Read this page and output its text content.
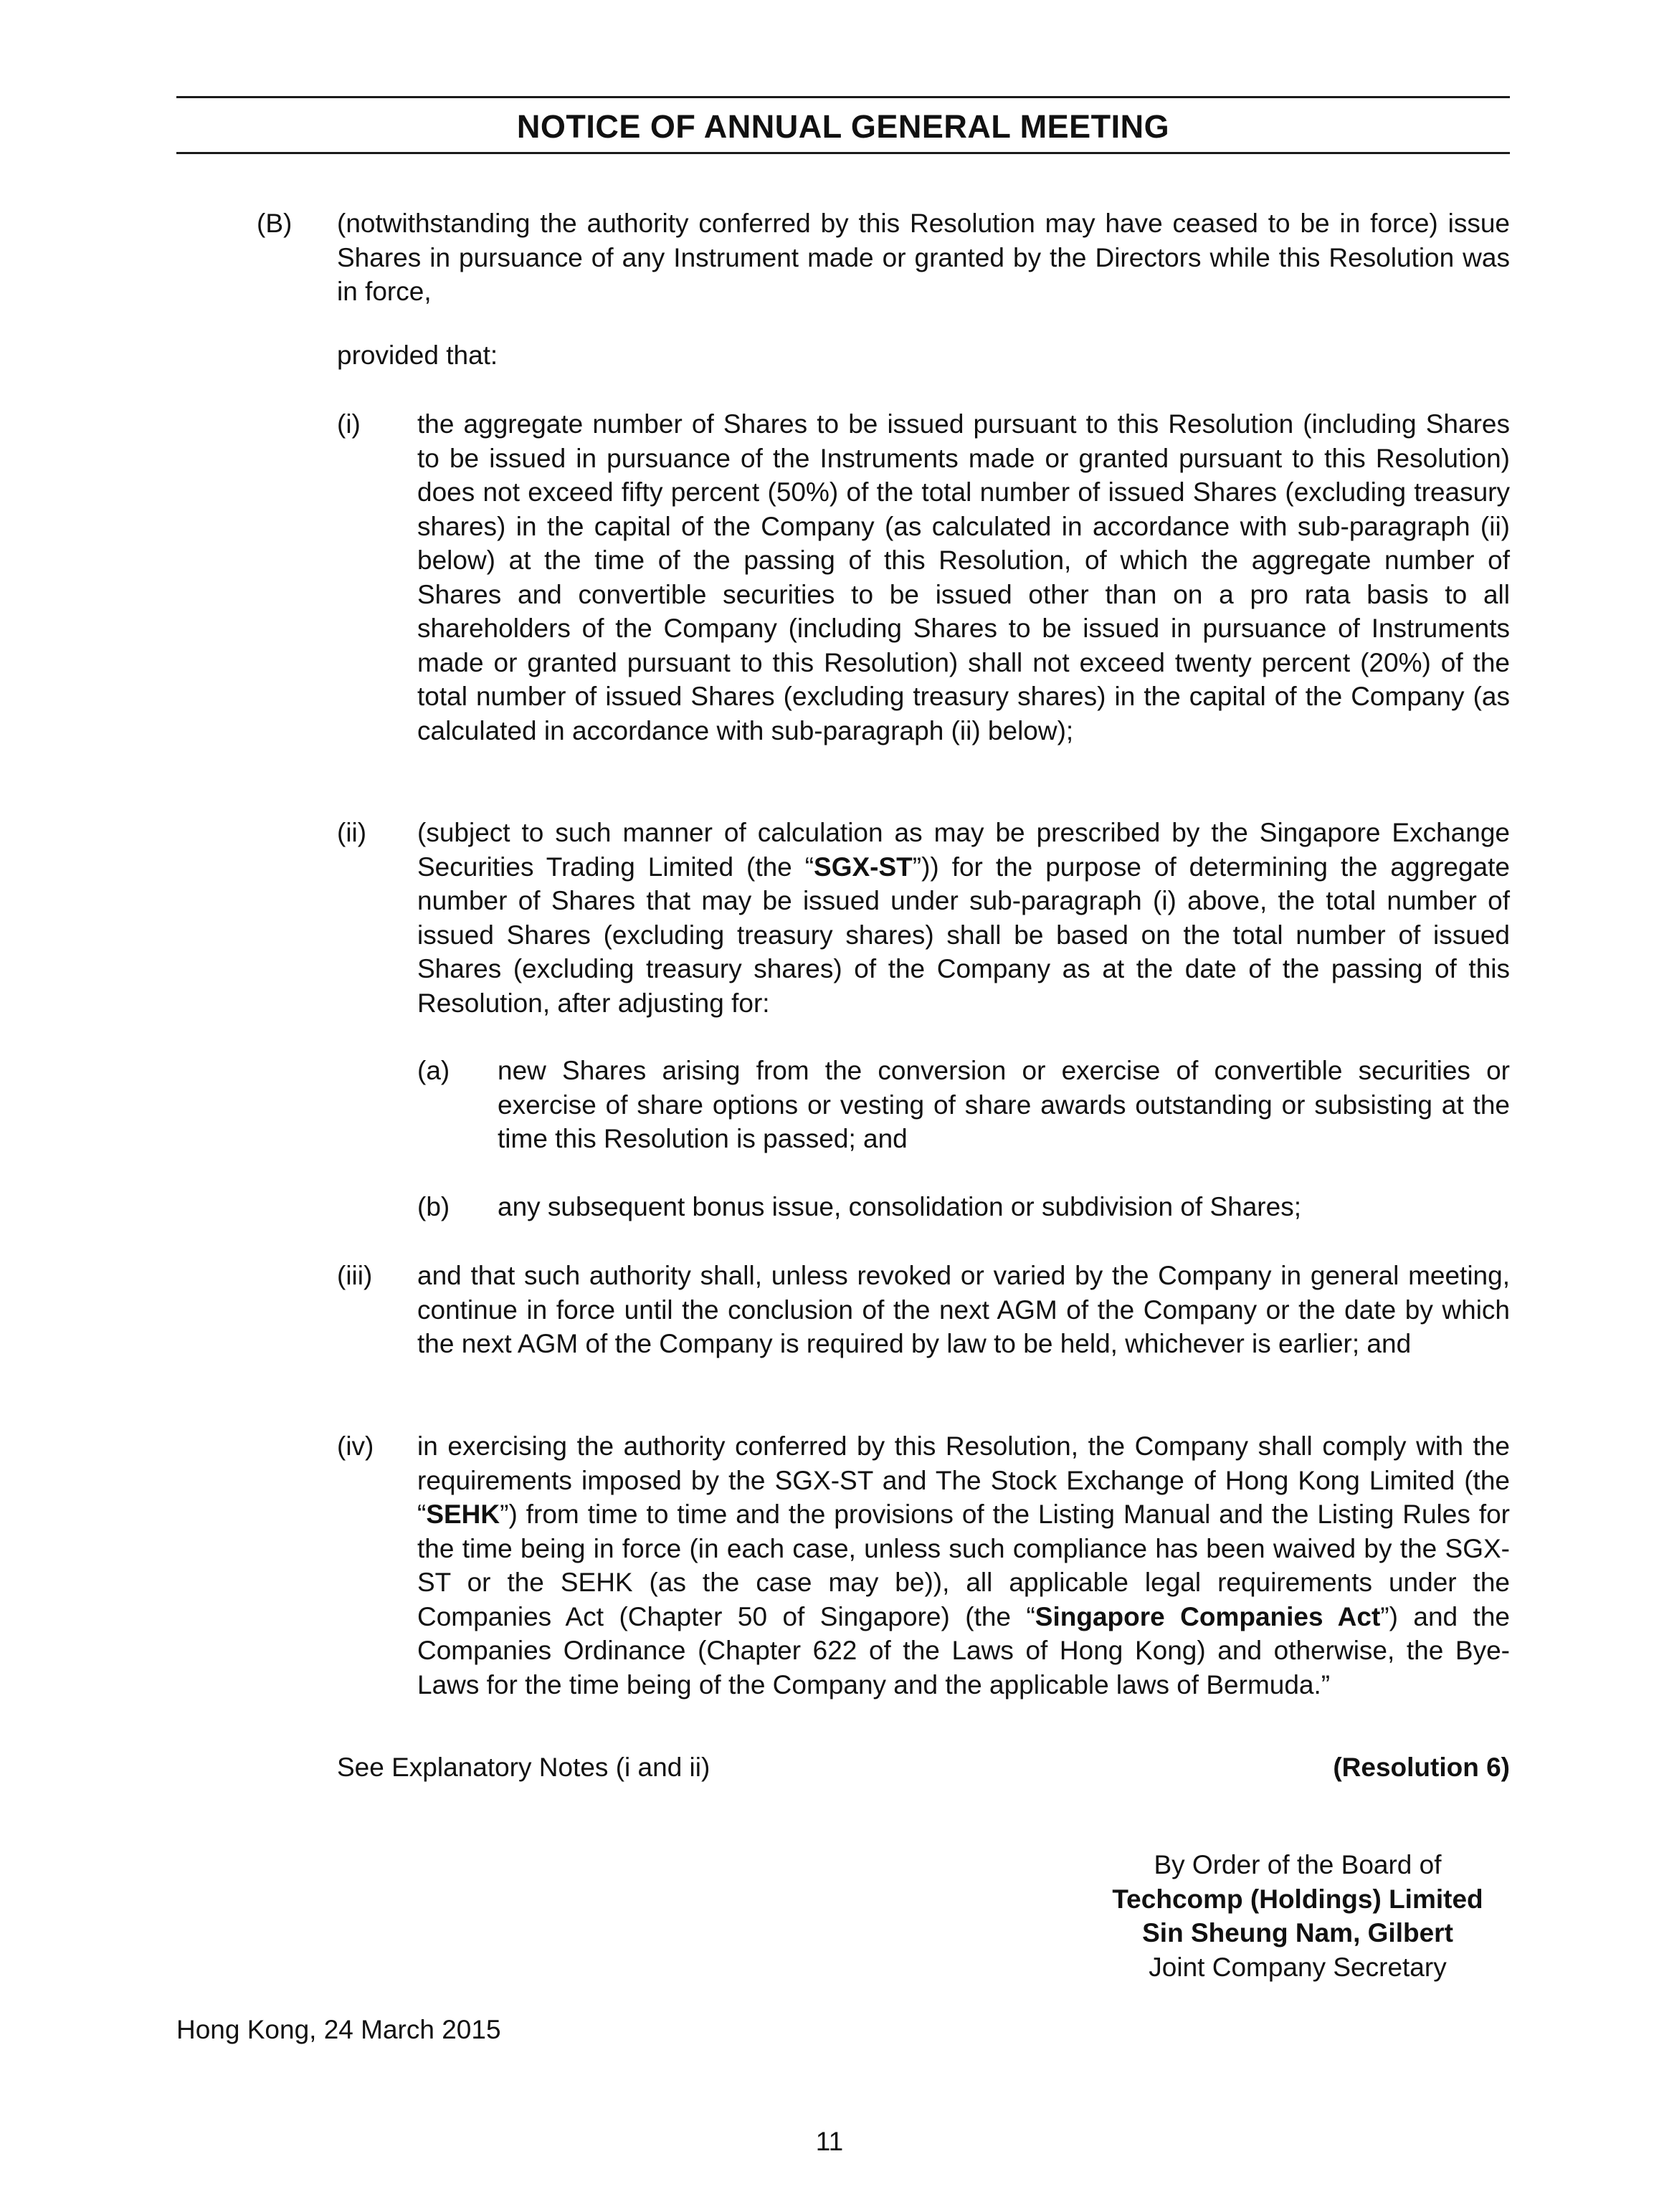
NOTICE OF ANNUAL GENERAL MEETING
(B) (notwithstanding the authority conferred by this Resolution may have ceased to be in force) issue Shares in pursuance of any Instrument made or granted by the Directors while this Resolution was in force,
provided that:
(i) the aggregate number of Shares to be issued pursuant to this Resolution (including Shares to be issued in pursuance of the Instruments made or granted pursuant to this Resolution) does not exceed fifty percent (50%) of the total number of issued Shares (excluding treasury shares) in the capital of the Company (as calculated in accordance with sub-paragraph (ii) below) at the time of the passing of this Resolution, of which the aggregate number of Shares and convertible securities to be issued other than on a pro rata basis to all shareholders of the Company (including Shares to be issued in pursuance of Instruments made or granted pursuant to this Resolution) shall not exceed twenty percent (20%) of the total number of issued Shares (excluding treasury shares) in the capital of the Company (as calculated in accordance with sub-paragraph (ii) below);
(ii) (subject to such manner of calculation as may be prescribed by the Singapore Exchange Securities Trading Limited (the “SGX-ST”)) for the purpose of determining the aggregate number of Shares that may be issued under sub-paragraph (i) above, the total number of issued Shares (excluding treasury shares) shall be based on the total number of issued Shares (excluding treasury shares) of the Company as at the date of the passing of this Resolution, after adjusting for:
(a) new Shares arising from the conversion or exercise of convertible securities or exercise of share options or vesting of share awards outstanding or subsisting at the time this Resolution is passed; and
(b) any subsequent bonus issue, consolidation or subdivision of Shares;
(iii) and that such authority shall, unless revoked or varied by the Company in general meeting, continue in force until the conclusion of the next AGM of the Company or the date by which the next AGM of the Company is required by law to be held, whichever is earlier; and
(iv) in exercising the authority conferred by this Resolution, the Company shall comply with the requirements imposed by the SGX-ST and The Stock Exchange of Hong Kong Limited (the “SEHK”) from time to time and the provisions of the Listing Manual and the Listing Rules for the time being in force (in each case, unless such compliance has been waived by the SGX-ST or the SEHK (as the case may be)), all applicable legal requirements under the Companies Act (Chapter 50 of Singapore) (the “Singapore Companies Act”) and the Companies Ordinance (Chapter 622 of the Laws of Hong Kong) and otherwise, the Bye-Laws for the time being of the Company and the applicable laws of Bermuda.”
See Explanatory Notes (i and ii)	(Resolution 6)
By Order of the Board of
Techcomp (Holdings) Limited
Sin Sheung Nam, Gilbert
Joint Company Secretary
Hong Kong, 24 March 2015
11
